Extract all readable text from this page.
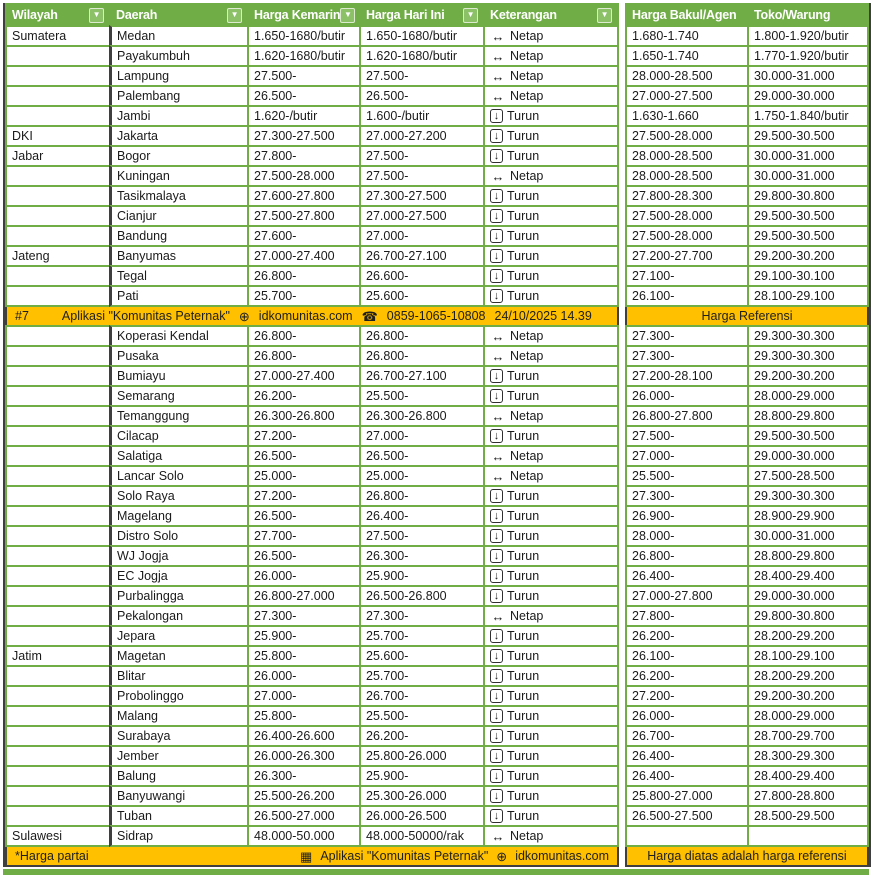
Wilayah	▼ Daerah	▼ Harga Kemarin ▼ Harga Hari Ini	▼ Keterangan	▼
Sumatera	Medan	1.650-1680/butir	1.650-1680/butir	↔ Netap
Payakumbuh	1.620-1680/butir	1.620-1680/butir	↔ Netap
Lampung	27.500-	27.500-	↔ Netap
Palembang	26.500-	26.500-	↔ Netap
Jambi	1.620-/butir	1.600-/butir	↓ Turun
DKI	Jakarta	27.300-27.500	27.000-27.200	↓ Turun
Jabar	Bogor	27.800-	27.500-	↓ Turun
Kuningan	27.500-28.000	27.500-	↔ Netap
Tasikmalaya	27.600-27.800	27.300-27.500	↓ Turun
Cianjur	27.500-27.800	27.000-27.500	↓ Turun
Bandung	27.600-	27.000-	↓ Turun
Jateng	Banyumas	27.000-27.400	26.700-27.100	↓ Turun
Tegal	26.800-	26.600-	↓ Turun
Pati	25.700-	25.600-	↓ Turun
#7	Aplikasi "Komunitas Peternak" ⊕ idkomunitas.com ☎ 0859-1065-10808 24/10/2025 14.39
Koperasi Kendal	26.800-	26.800-	↔ Netap
Pusaka	26.800-	26.800-	↔ Netap
Bumiayu	27.000-27.400	26.700-27.100	↓ Turun
Semarang	26.200-	25.500-	↓ Turun
Temanggung	26.300-26.800	26.300-26.800	↔ Netap
Cilacap	27.200-	27.000-	↓ Turun
Salatiga	26.500-	26.500-	↔ Netap
Lancar Solo	25.000-	25.000-	↔ Netap
Solo Raya	27.200-	26.800-	↓ Turun
Magelang	26.500-	26.400-	↓ Turun
Distro Solo	27.700-	27.500-	↓ Turun
WJ Jogja	26.500-	26.300-	↓ Turun
EC Jogja	26.000-	25.900-	↓ Turun
Purbalingga	26.800-27.000	26.500-26.800	↓ Turun
Pekalongan	27.300-	27.300-	↔ Netap
Jepara	25.900-	25.700-	↓ Turun
Jatim	Magetan	25.800-	25.600-	↓ Turun
Blitar	26.000-	25.700-	↓ Turun
Probolinggo	27.000-	26.700-	↓ Turun
Malang	25.800-	25.500-	↓ Turun
Surabaya	26.400-26.600	26.200-	↓ Turun
Jember	26.000-26.300	25.800-26.000	↓ Turun
Balung	26.300-	25.900-	↓ Turun
Banyuwangi	25.500-26.200	25.300-26.000	↓ Turun
Tuban	26.500-27.000	26.000-26.500	↓ Turun
Sulawesi	Sidrap	48.000-50.000	48.000-50000/rak	↔ Netap
*Harga partai	▦ Aplikasi "Komunitas Peternak" ⊕ idkomunitas.com
Harga Bakul/Agen Toko/Warung
1.680-1.740	1.800-1.920/butir
1.650-1.740	1.770-1.920/butir
28.000-28.500	30.000-31.000
27.000-27.500	29.000-30.000
1.630-1.660	1.750-1.840/butir
27.500-28.000	29.500-30.500
28.000-28.500	30.000-31.000
28.000-28.500	30.000-31.000
27.800-28.300	29.800-30.800
27.500-28.000	29.500-30.500
27.500-28.000	29.500-30.500
27.200-27.700	29.200-30.200
27.100-	29.100-30.100
26.100-	28.100-29.100
Harga Referensi
27.300-	29.300-30.300
27.300-	29.300-30.300
27.200-28.100	29.200-30.200
26.000-	28.000-29.000
26.800-27.800	28.800-29.800
27.500-	29.500-30.500
27.000-	29.000-30.000
25.500-	27.500-28.500
27.300-	29.300-30.300
26.900-	28.900-29.900
28.000-	30.000-31.000
26.800-	28.800-29.800
26.400-	28.400-29.400
27.000-27.800	29.000-30.000
27.800-	29.800-30.800
26.200-	28.200-29.200
26.100-	28.100-29.100
26.200-	28.200-29.200
27.200-	29.200-30.200
26.000-	28.000-29.000
26.700-	28.700-29.700
26.400-	28.300-29.300
26.400-	28.400-29.400
25.800-27.000	27.800-28.800
26.500-27.500	28.500-29.500
Harga diatas adalah harga referensi
